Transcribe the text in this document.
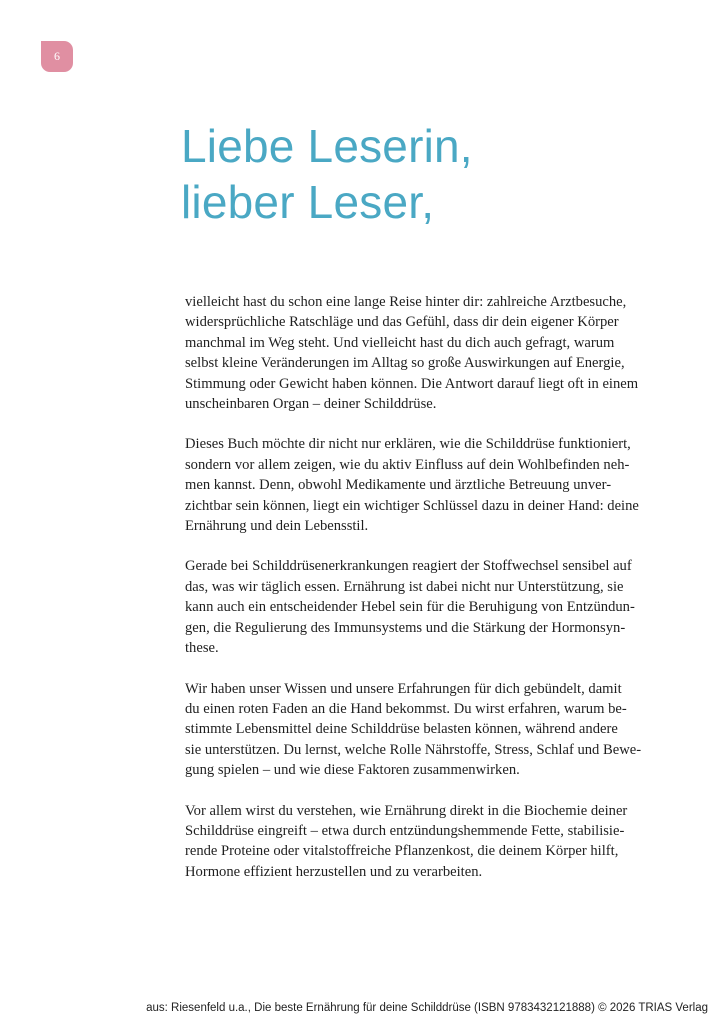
6
Liebe Leserin,
lieber Leser,

vielleicht hast du schon eine lange Reise hinter dir: zahlreiche Arztbesuche,
widersprüchliche Ratschläge und das Gefühl, dass dir dein eigener Körper
manchmal im Weg steht. Und vielleicht hast du dich auch gefragt, warum
selbst kleine Veränderungen im Alltag so große Auswirkungen auf Energie,
Stimmung oder Gewicht haben können. Die Antwort darauf liegt oft in einem
unscheinbaren Organ – deiner Schilddrüse.

Dieses Buch möchte dir nicht nur erklären, wie die Schilddrüse funktioniert,
sondern vor allem zeigen, wie du aktiv Einfluss auf dein Wohlbefinden neh-
men kannst. Denn, obwohl Medikamente und ärztliche Betreuung unver-
zichtbar sein können, liegt ein wichtiger Schlüssel dazu in deiner Hand: deine
Ernährung und dein Lebensstil.

Gerade bei Schilddrüsenerkrankungen reagiert der Stoffwechsel sensibel auf
das, was wir täglich essen. Ernährung ist dabei nicht nur Unterstützung, sie
kann auch ein entscheidender Hebel sein für die Beruhigung von Entzündun-
gen, die Regulierung des Immunsystems und die Stärkung der Hormonsyn-
these.

Wir haben unser Wissen und unsere Erfahrungen für dich gebündelt, damit
du einen roten Faden an die Hand bekommst. Du wirst erfahren, warum be-
stimmte Lebensmittel deine Schilddrüse belasten können, während andere
sie unterstützen. Du lernst, welche Rolle Nährstoffe, Stress, Schlaf und Bewe-
gung spielen – und wie diese Faktoren zusammenwirken.

Vor allem wirst du verstehen, wie Ernährung direkt in die Biochemie deiner
Schilddrüse eingreift – etwa durch entzündungshemmende Fette, stabilisie-
rende Proteine oder vitalstoffreiche Pflanzenkost, die deinem Körper hilft,
Hormone effizient herzustellen und zu verarbeiten.

aus: Riesenfeld u.a., Die beste Ernährung für deine Schilddrüse (ISBN 9783432121888) © 2026 TRIAS Verlag
